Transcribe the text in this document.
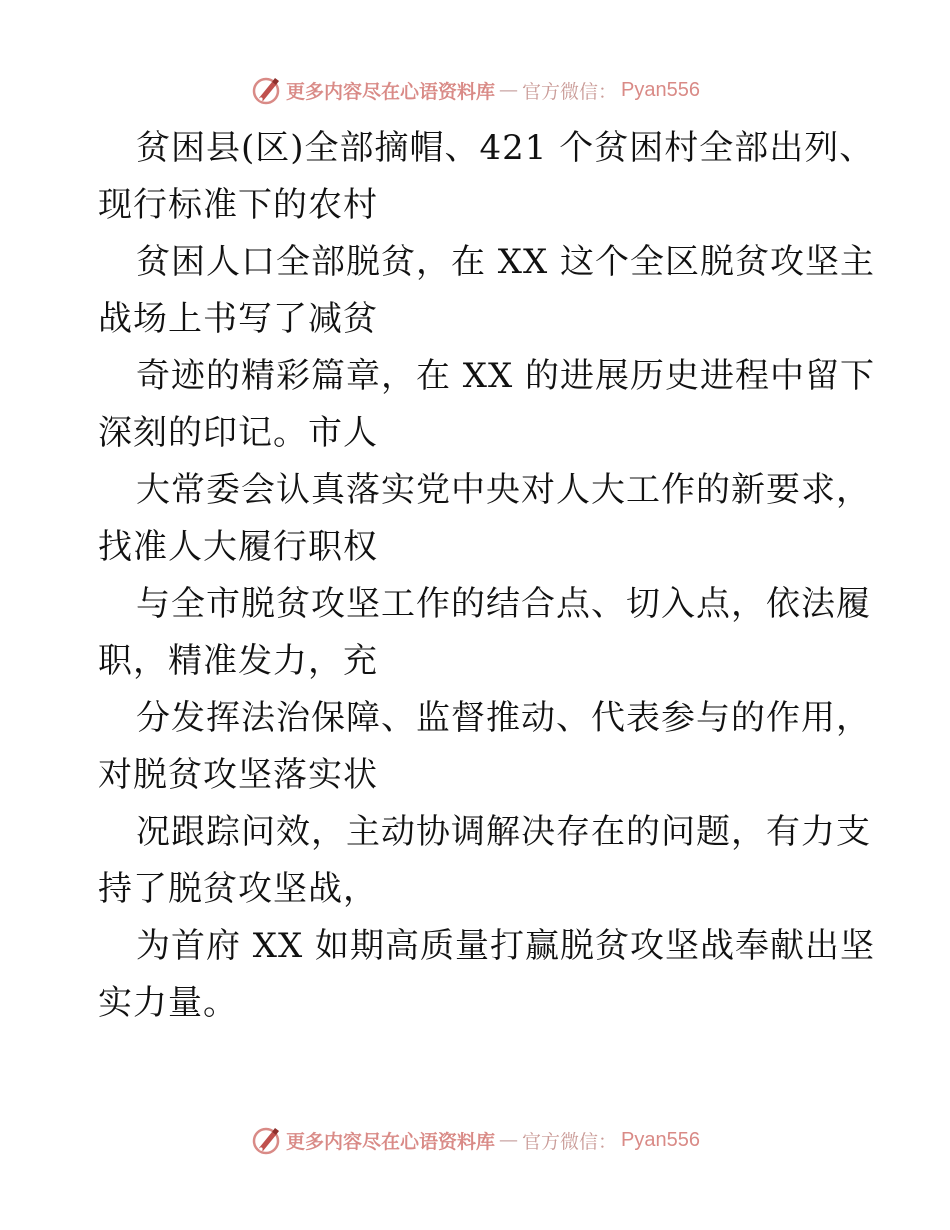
更多内容尽在心语资料库 — 官方微信： Pyan556
贫困县(区)全部摘帽、421 个贫困村全部出列、
现行标准下的农村
贫困人口全部脱贫，在 XX 这个全区脱贫攻坚主
战场上书写了减贫
奇迹的精彩篇章，在 XX 的进展历史进程中留下
深刻的印记。市人
大常委会认真落实党中央对人大工作的新要求，
找准人大履行职权
与全市脱贫攻坚工作的结合点、切入点，依法履
职，精准发力，充
分发挥法治保障、监督推动、代表参与的作用，
对脱贫攻坚落实状
况跟踪问效，主动协调解决存在的问题，有力支
持了脱贫攻坚战，
为首府 XX 如期高质量打赢脱贫攻坚战奉献出坚
实力量。
更多内容尽在心语资料库 — 官方微信： Pyan556
